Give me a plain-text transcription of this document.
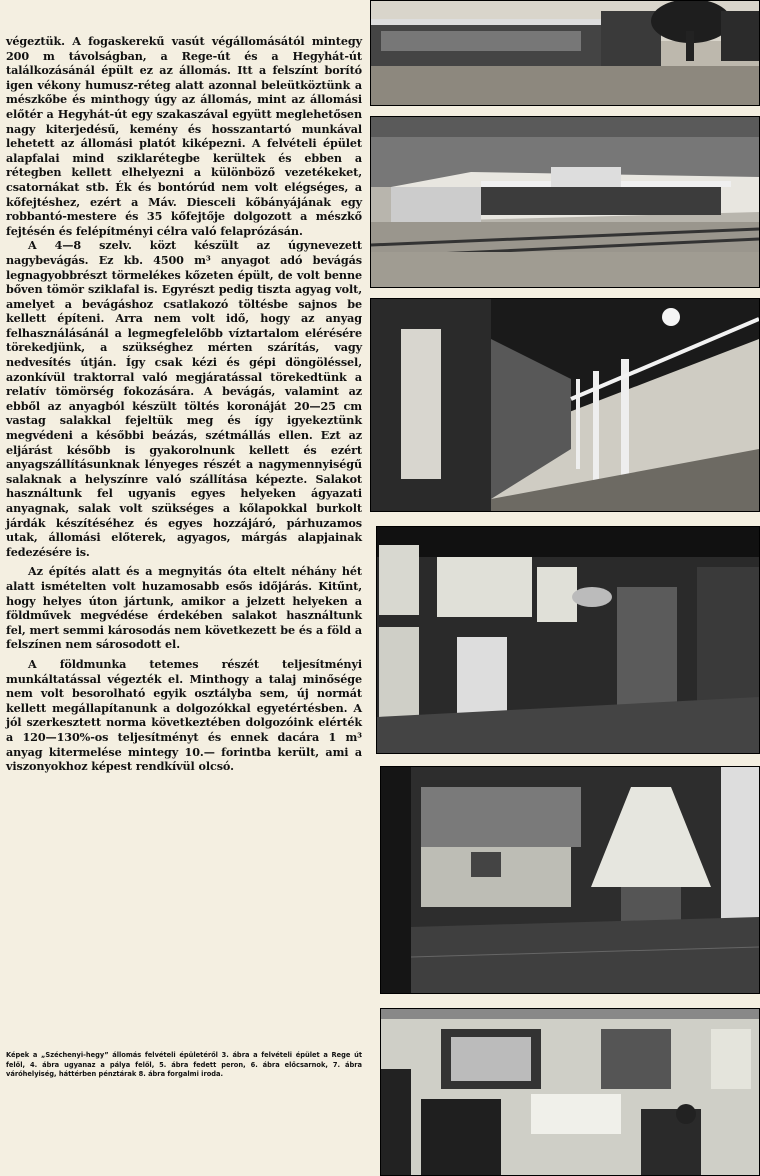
végeztük. A fogaskerekű vasút végállomásától mintegy 200 m távolságban, a Rege-út és a Hegyhát-út találkozásánál épült ez az állomás. Itt a felszínt borító igen vékony humusz-réteg alatt azonnal beleütköztünk a mészkőbe és minthogy úgy az állomás, mint az állomási előtér a Hegyhát-út egy szakaszával együtt meglehetősen nagy kiterjedésű, kemény és hosszantartó munkával lehetett az állomási platót kiképezni. A felvételi épület alapfalai mind sziklarétegbe kerültek és ebben a rétegben kellett elhelyezni a különböző vezetékeket, csatornákat stb. Ék és bontórúd nem volt elégséges, a kőfejtéshez, ezért a Máv. Diesceli kőbányájának egy robbantó-mestere és 35 kőfejtője dolgozott a mészkő fejtésén és felépítményi célra való felaprózásán.

A 4—8 szelv. közt készült az úgynevezett nagybevágás. Ez kb. 4500 m³ anyagot adó bevágás legnagyobbrészt törmelékes kőzeten épült, de volt benne bőven tömör sziklafal is. Egyrészt pedig tiszta agyag volt, amelyet a bevágáshoz csatlakozó töltésbe sajnos be kellett építeni. Arra nem volt idő, hogy az anyag felhasználásánál a legmegfelelőbb víztartalom elérésére törekedjünk, a szükséghez mérten szárítás, vagy nedvesítés útján. Így csak kézi és gépi döngöléssel, azonkívül traktorral való megjáratással törekedtünk a relatív tömörség fokozására. A bevágás, valamint az ebből az anyagból készült töltés koronáját 20—25 cm vastag salakkal fejeltük meg és így igyekeztünk megvédeni a későbbi beázás, szétmállás ellen. Ezt az eljárást később is gyakorolnunk kellett és ezért anyagszállításunknak lényeges részét a nagymennyiségű salaknak a helyszínre való szállítása képezte. Salakot használtunk fel ugyanis egyes helyeken ágyazati anyagnak, salak volt szükséges a kőlapokkal burkolt járdák készítéséhez és egyes hozzájáró, párhuzamos utak, állomási előterek, agyagos, márgás alapjainak fedezésére is.

Az építés alatt és a megnyitás óta eltelt néhány hét alatt ismételten volt huzamosabb esős időjárás. Kitűnt, hogy helyes úton jártunk, amikor a jelzett helyeken a földművek megvédése érdekében salakot használtunk fel, mert semmi károsodás nem következett be és a föld a felszínen nem sárosodott el.

A földmunka tetemes részét teljesítményi munkáltatással végezték el. Minthogy a talaj minősége nem volt besorolható egyik osztályba sem, új normát kellett megállapítanunk a dolgozókkal egyetértésben. A jól szerkesztett norma következtében dolgozóink elérték a 120—130%-os teljesítményt és ennek dacára 1 m³ anyag kitermelése mintegy 10.— forintba került, ami a viszonyokhoz képest rendkívül olcsó.

Képek a „Széchenyi-hegy” állomás felvételi épületéről 3. ábra a felvételi épület a Rege út felől, 4. ábra ugyanaz a pálya felől, 5. ábra fedett peron, 6. ábra előcsarnok, 7. ábra váróhelyiség, háttérben pénztárak 8. ábra forgalmi iroda.
